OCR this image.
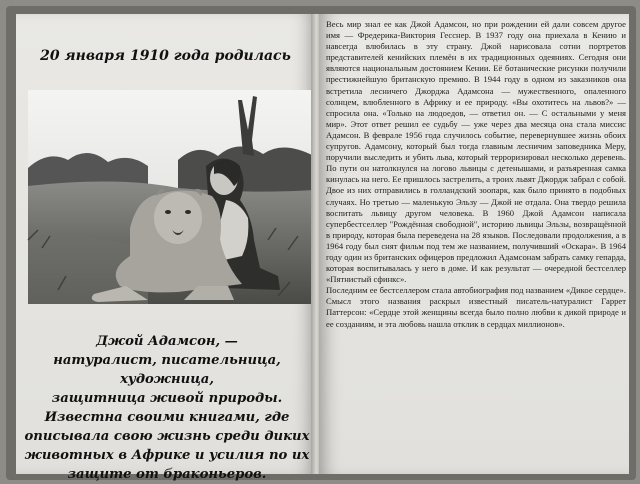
20 января 1910 года родилась
Джой Адамсон, —
натуралист, писательница, художница,
защитница живой природы.
Известна своими книгами, где
описывала свою жизнь среди диких
животных в Африке и усилия по их
защите от браконьеров.

Весь мир знал ее как Джой Адамсон, но при рождении ей дали совсем другое имя — Фредерика-Виктория Гесснер. В 1937 году она приехала в Кению и навсегда влюбилась в эту страну. Джой нарисовала сотни портретов представителей кенийских племён в их традиционных одеяниях. Сегодня они являются национальным достоянием Кении. Её ботанические рисунки получили престижнейшую британскую премию. В 1944 году в одном из заказников она встретила лесничего Джорджа Адамсона — мужественного, опаленного солнцем, влюбленного в Африку и ее природу. «Вы охотитесь на львов?» — спросила она. «Только на людоедов, — ответил он. — С остальными у меня мир». Этот ответ решил ее судьбу — уже через два месяца она стала миссис Адамсон. В феврале 1956 года случилось событие, перевернувшее жизнь обоих супругов. Адамсону, который был тогда главным лесничим заповедника Меру, поручили выследить и убить льва, который терроризировал несколько деревень. По пути он натолкнулся на логово львицы с детенышами, и разъяренная самка кинулась на него. Ее пришлось застрелить, а троих львят Джордж забрал с собой. Двое из них отправились в голландский зоопарк, как было принято в подобных случаях. Но третью — маленькую Эльзу — Джой не отдала. Она твердо решила воспитать львицу другом человека. В 1960 Джой Адамсон написала супербестселлер "Рождённая свободной", историю львицы Эльзы, возвращённой в природу, которая была переведена на 28 языков. Последовали продолжения, а в 1964 году был снят фильм под тем же названием, получивший «Оскара». В 1964 году один из британских офицеров предложил Адамсонам забрать самку гепарда, которая воспитывалась у него в доме. И как результат — очередной бестселлер «Пятнистый сфинкс».

Последним ее бестселлером стала автобиография под названием «Дикое сердце». Смысл этого названия раскрыл известный писатель-натуралист Гаррет Паттерсон: «Сердце этой женщины всегда было полно любви к дикой природе и ее созданиям, и эта любовь нашла отклик в сердцах миллионов».
